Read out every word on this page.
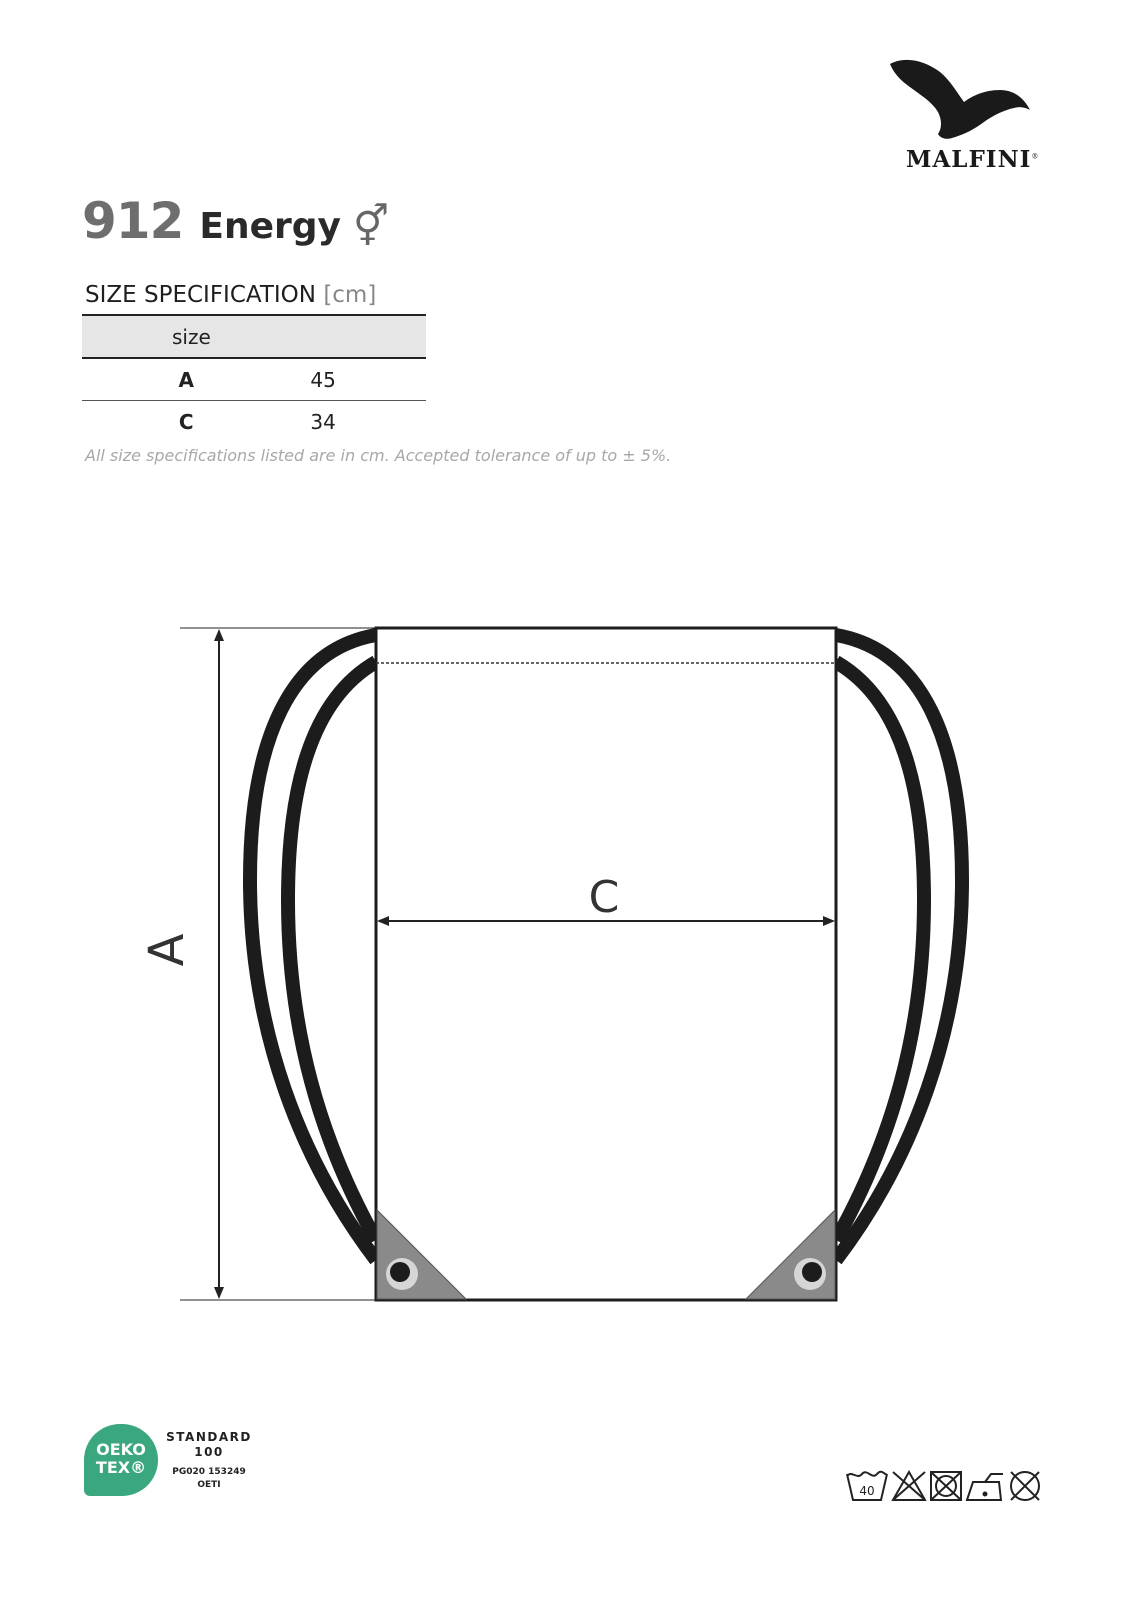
MALFINI®
912 Energy ⚥
SIZE SPECIFICATION [cm]
size	
A	45
C	34
All size specifications listed are in cm. Accepted tolerance of up to ± 5%.
A
C
OEKO
TEX®
STANDARD
100
PG020 153249
OETI	40
